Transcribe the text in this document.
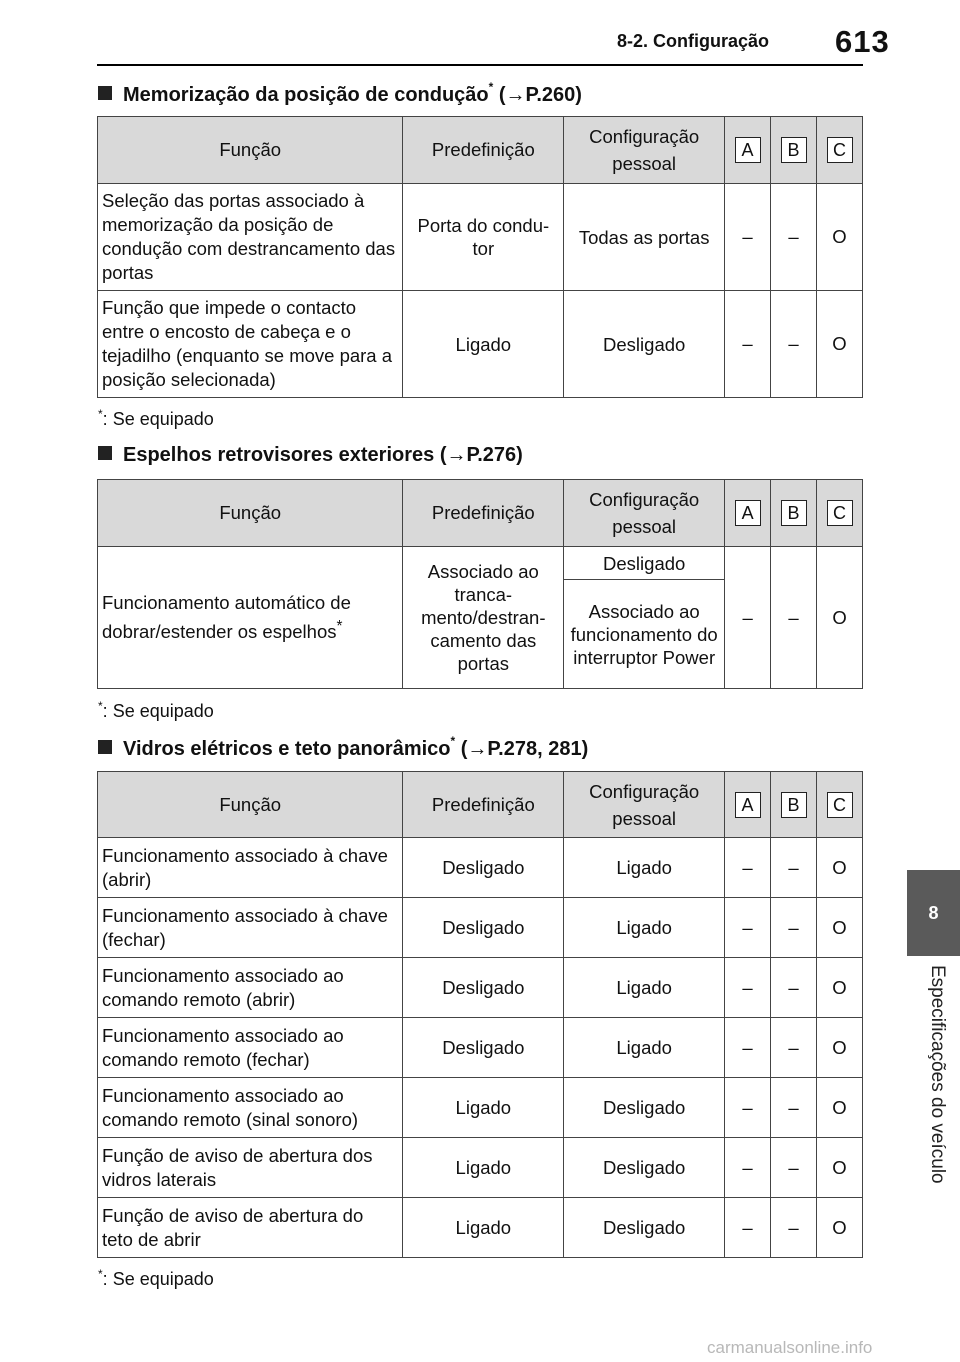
8-2. Configuração 613
8
Especificações do veículo
Memorização da posição de condução* (→P.260)
Função	Predefinição	Configuração pessoal	A	B	C
Seleção das portas associado à memorização da posição de condução com destrancamento das portas	Porta do condu-tor	Todas as portas	–	–	O
Função que impede o contacto entre o encosto de cabeça e o tejadilho (enquanto se move para a posição selecionada)	Ligado	Desligado	–	–	O
*: Se equipado
Espelhos retrovisores exteriores (→P.276)
Função	Predefinição	Configuração pessoal	A	B	C
Funcionamento automático de dobrar/estender os espelhos*	Associado ao tranca-mento/destran-camento das portas	Desligado	–	–	O
		Associado ao funcionamento do interruptor Power			
*: Se equipado
Vidros elétricos e teto panorâmico* (→P.278, 281)
Função	Predefinição	Configuração pessoal	A	B	C
Funcionamento associado à chave (abrir)	Desligado	Ligado	–	–	O
Funcionamento associado à chave (fechar)	Desligado	Ligado	–	–	O
Funcionamento associado ao comando remoto (abrir)	Desligado	Ligado	–	–	O
Funcionamento associado ao comando remoto (fechar)	Desligado	Ligado	–	–	O
Funcionamento associado ao comando remoto (sinal sonoro)	Ligado	Desligado	–	–	O
Função de aviso de abertura dos vidros laterais	Ligado	Desligado	–	–	O
Função de aviso de abertura do teto de abrir	Ligado	Desligado	–	–	O
*: Se equipado
carmanualsonline.info
